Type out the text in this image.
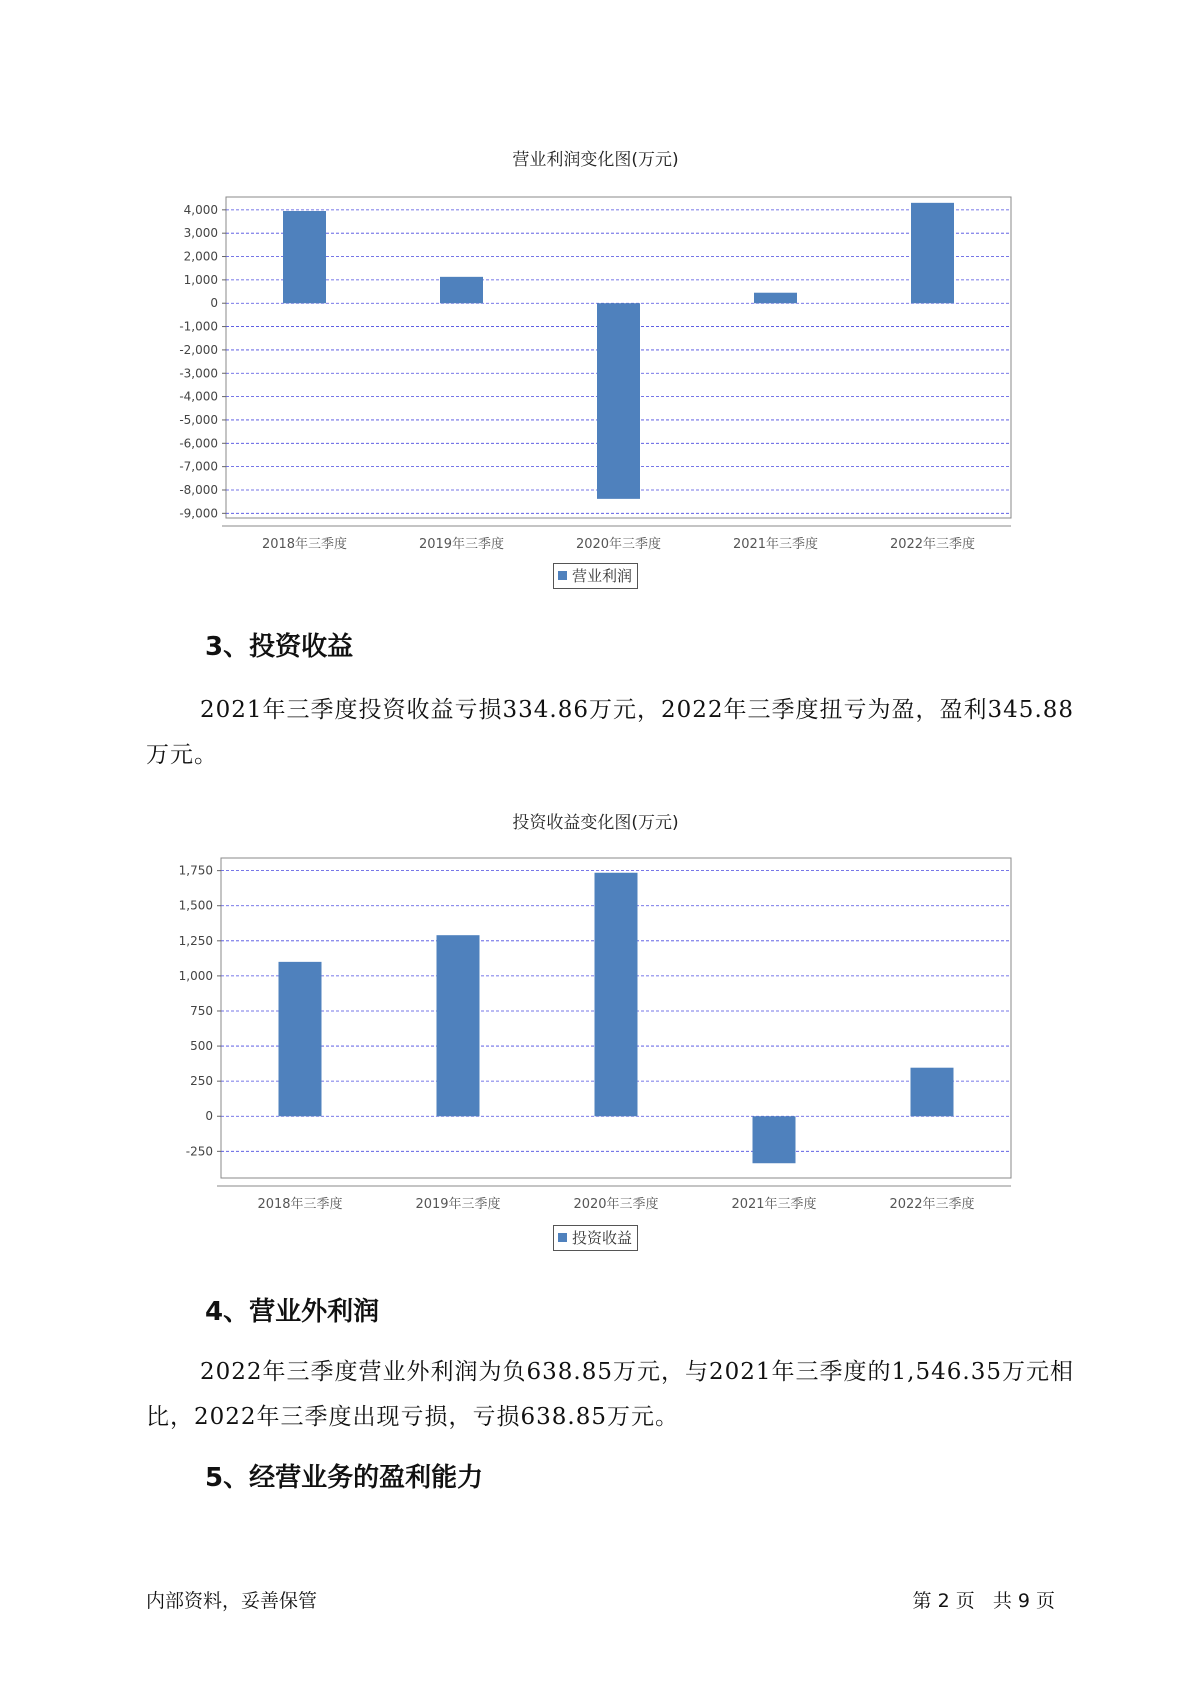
营业利润变化图(万元)
4,000
3,000
2,000
1,000
0
-1,000
-2,000
-3,000
-4,000
-5,000
-6,000
-7,000
-8,000
-9,000
2018年三季度	2019年三季度	2020年三季度	2021年三季度	2022年三季度
营业利润
3、投资收益
2021年三季度投资收益亏损334.86万元，2022年三季度扭亏为盈，盈利345.88万元。
投资收益变化图(万元)
1,750
1,500
1,250
1,000
750
500
250
0
-250
2018年三季度	2019年三季度	2020年三季度	2021年三季度	2022年三季度
投资收益
4、营业外利润
2022年三季度营业外利润为负638.85万元，与2021年三季度的1,546.35万元相比，2022年三季度出现亏损，亏损638.85万元。
5、经营业务的盈利能力
内部资料，妥善保管	第 2 页   共 9 页
